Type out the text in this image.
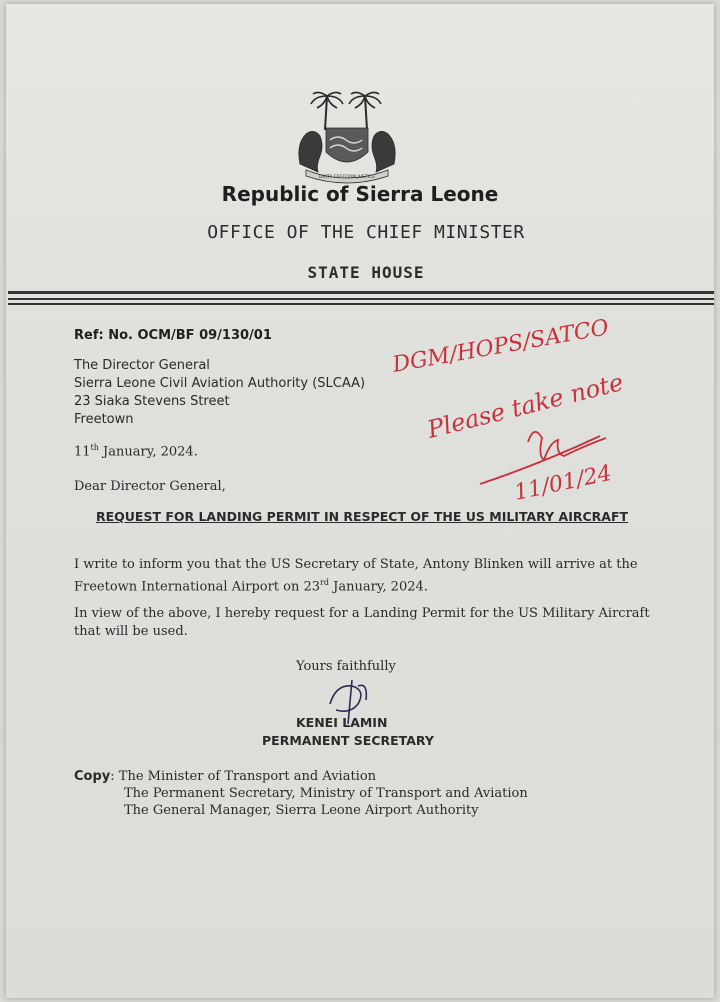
UNITY FREEDOM JUSTICE
Republic of Sierra Leone
OFFICE OF THE CHIEF MINISTER
STATE HOUSE
Ref: No. OCM/BF 09/130/01
The Director General
Sierra Leone Civil Aviation Authority (SLCAA)
23 Siaka Stevens Street
Freetown
11th January, 2024.
Dear Director General,
REQUEST FOR LANDING PERMIT IN RESPECT OF THE US MILITARY AIRCRAFT
I write to inform you that the US Secretary of State, Antony Blinken will arrive at the Freetown International Airport on 23rd January, 2024.
In view of the above, I hereby request for a Landing Permit for the US Military Aircraft that will be used.
Yours faithfully
KENEI LAMIN
PERMANENT SECRETARY
Copy: The Minister of Transport and Aviation
The Permanent Secretary, Ministry of Transport and Aviation
The General Manager, Sierra Leone Airport Authority
DGM/HOPS/SATCO
Please take note
11/01/24
